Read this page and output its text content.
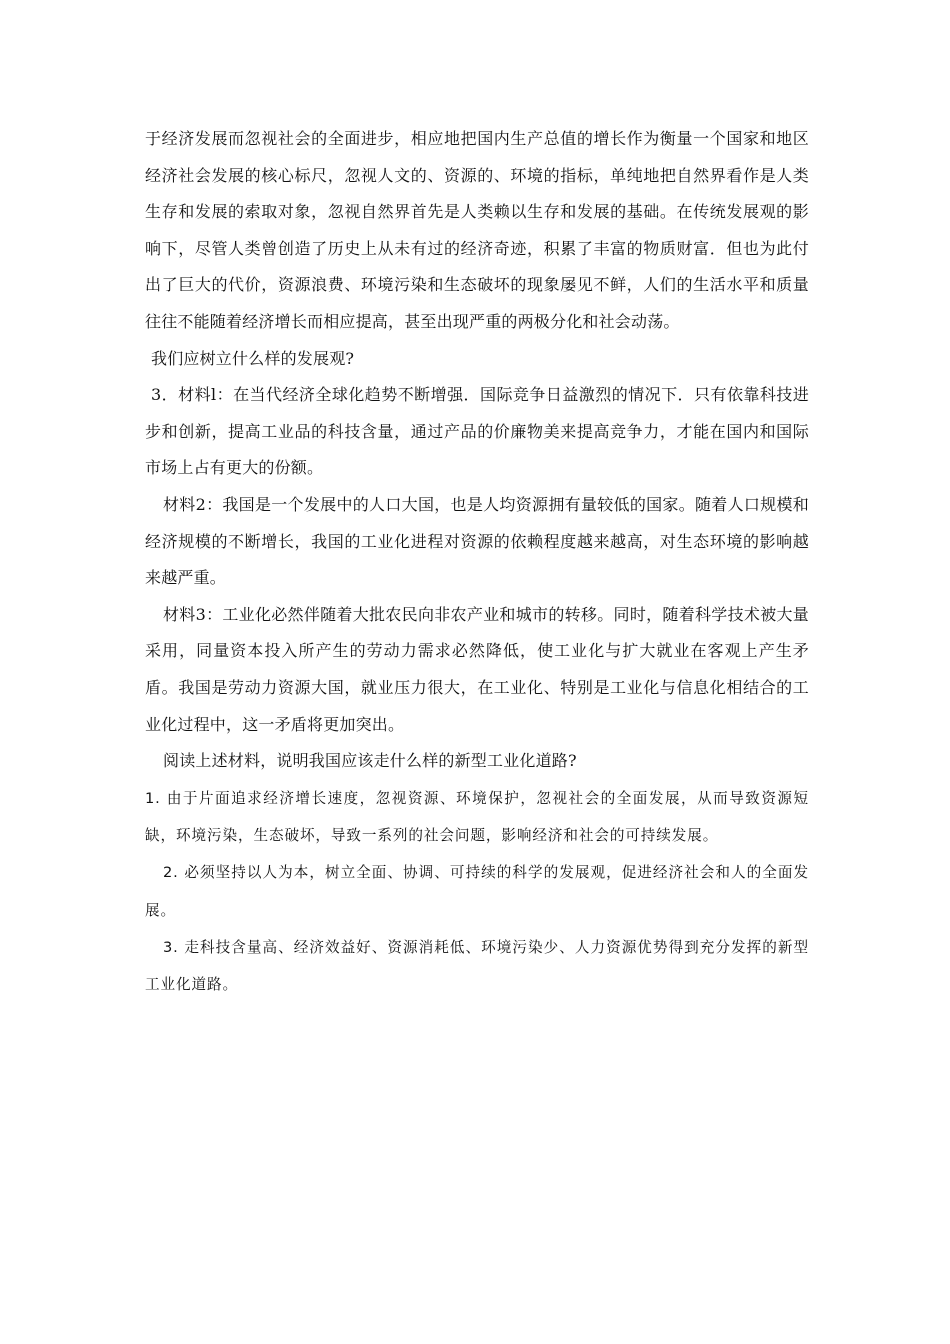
于经济发展而忽视社会的全面进步，相应地把国内生产总值的增长作为衡量一个国家和地区经济社会发展的核心标尺，忽视人文的、资源的、环境的指标，单纯地把自然界看作是人类生存和发展的索取对象，忽视自然界首先是人类赖以生存和发展的基础。在传统发展观的影响下，尽管人类曾创造了历史上从未有过的经济奇迹，积累了丰富的物质财富．但也为此付出了巨大的代价，资源浪费、环境污染和生态破坏的现象屡见不鲜，人们的生活水平和质量往往不能随着经济增长而相应提高，甚至出现严重的两极分化和社会动荡。

我们应树立什么样的发展观?

3．材料l：在当代经济全球化趋势不断增强．国际竞争日益激烈的情况下．只有依靠科技进步和创新，提高工业品的科技含量，通过产品的价廉物美来提高竞争力，才能在国内和国际市场上占有更大的份额。

材料2：我国是一个发展中的人口大国，也是人均资源拥有量较低的国家。随着人口规模和经济规模的不断增长，我国的工业化进程对资源的依赖程度越来越高，对生态环境的影响越来越严重。

材料3：工业化必然伴随着大批农民向非农产业和城市的转移。同时，随着科学技术被大量采用，同量资本投入所产生的劳动力需求必然降低，使工业化与扩大就业在客观上产生矛盾。我国是劳动力资源大国，就业压力很大，在工业化、特别是工业化与信息化相结合的工业化过程中，这一矛盾将更加突出。

阅读上述材料，说明我国应该走什么样的新型工业化道路?

1. 由于片面追求经济增长速度，忽视资源、环境保护，忽视社会的全面发展，从而导致资源短缺，环境污染，生态破坏，导致一系列的社会问题，影响经济和社会的可持续发展。

2. 必须坚持以人为本，树立全面、协调、可持续的科学的发展观，促进经济社会和人的全面发展。

3. 走科技含量高、经济效益好、资源消耗低、环境污染少、人力资源优势得到充分发挥的新型工业化道路。
